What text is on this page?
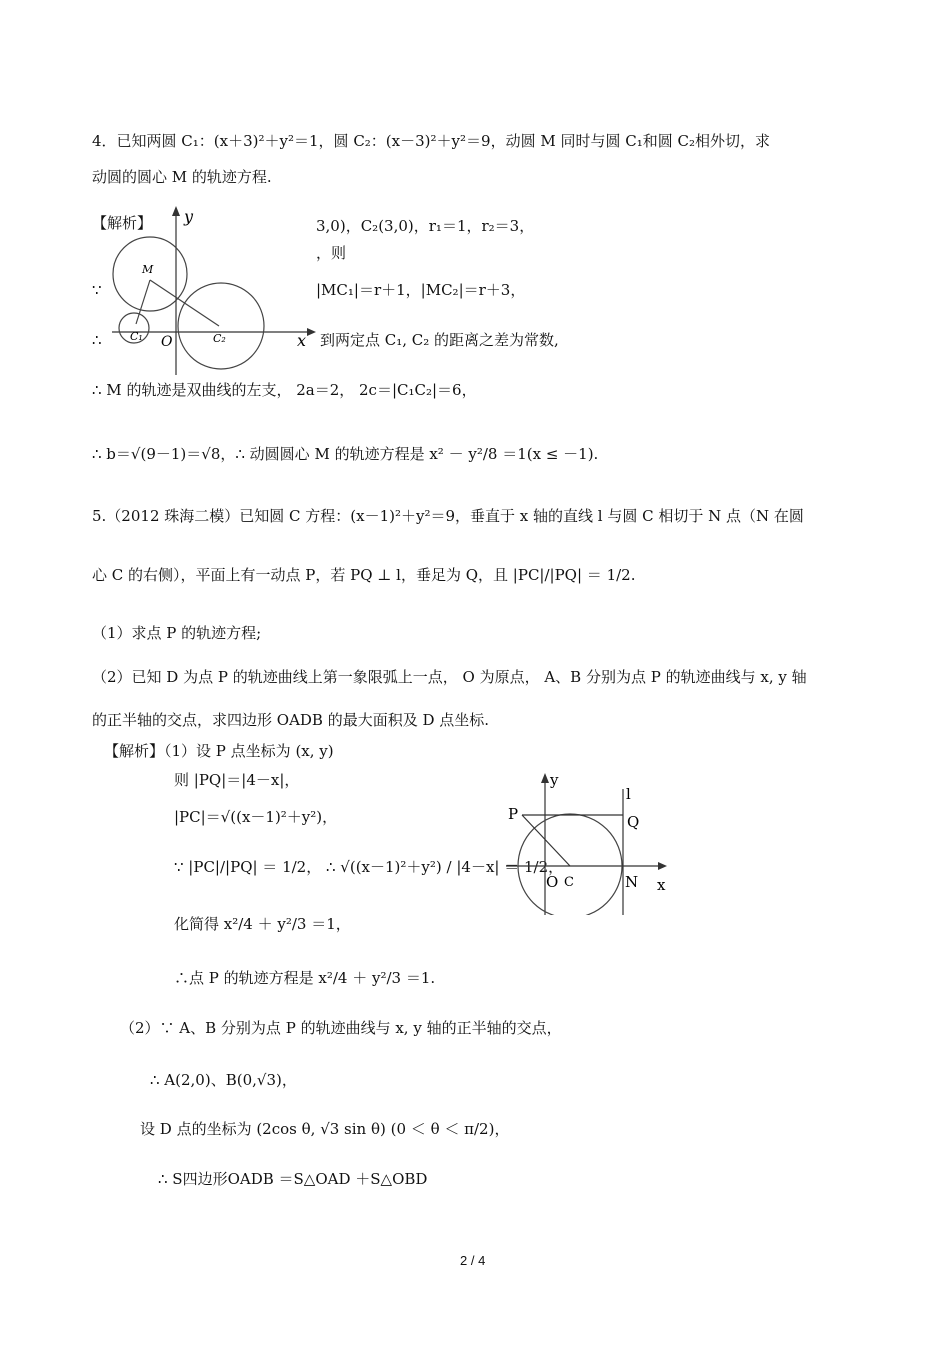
4．已知两圆 C₁：(x＋3)²＋y²＝1，圆 C₂：(x－3)²＋y²＝9，动圆 M 同时与圆 C₁和圆 C₂相外切，求
动圆的圆心 M 的轨迹方程.
【解析】	3,0)，C₂(3,0)，r₁＝1，r₂＝3，
，则
∵	|MC₁|＝r＋1，|MC₂|＝r＋3，
∴	到两定点 C₁, C₂ 的距离之差为常数,
y
x
M
C₁	C₂
O
∴ M 的轨迹是双曲线的左支， 2a＝2， 2c＝|C₁C₂|＝6，
∴ b＝√(9－1)＝√8，∴ 动圆圆心 M 的轨迹方程是 x² － y²/8 ＝1(x ≤ －1).
5.（2012 珠海二模）已知圆 C 方程：(x－1)²＋y²＝9，垂直于 x 轴的直线 l 与圆 C 相切于 N 点（N 在圆
心 C 的右侧），平面上有一动点 P，若 PQ ⊥ l，垂足为 Q，且 |PC|/|PQ| ＝ 1/2.
（1）求点 P 的轨迹方程;
（2）已知 D 为点 P 的轨迹曲线上第一象限弧上一点， O 为原点， A、B 分别为点 P 的轨迹曲线与 x, y 轴
的正半轴的交点，求四边形 OADB 的最大面积及 D 点坐标.
【解析】（1）设 P 点坐标为 (x, y)
则 |PQ|＝|4－x|，
|PC|＝√((x－1)²＋y²)，
∵ |PC|/|PQ| ＝ 1/2， ∴ √((x－1)²＋y²) / |4－x| ＝ 1/2，
化简得 x²/4 ＋ y²/3 ＝1，
∴点 P 的轨迹方程是 x²/4 ＋ y²/3 ＝1.
y
x
l
P	Q
O C	N
（2）∵ A、B 分别为点 P 的轨迹曲线与 x, y 轴的正半轴的交点，
∴ A(2,0)、B(0,√3)，
设 D 点的坐标为 (2cos θ, √3 sin θ) (0 ＜ θ ＜ π/2)，
∴ S四边形OADB ＝S△OAD ＋S△OBD
2 / 4
